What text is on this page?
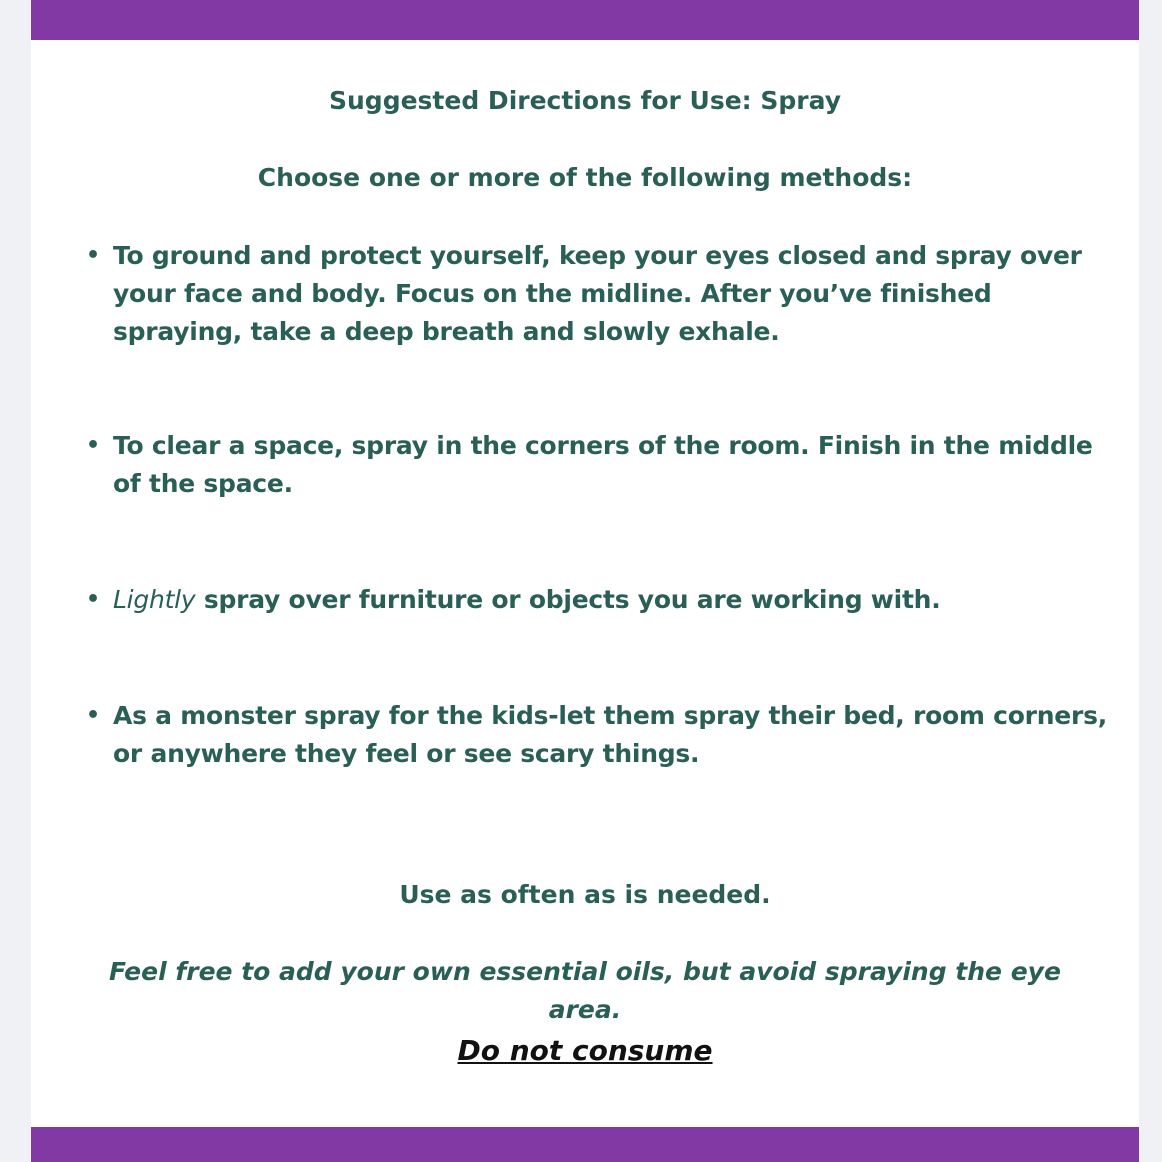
Suggested Directions for Use: Spray

Choose one or more of the following methods:

• To ground and protect yourself, keep your eyes closed and spray over your face and body. Focus on the midline. After you’ve finished spraying, take a deep breath and slowly exhale.
• To clear a space, spray in the corners of the room. Finish in the middle of the space.
• Lightly spray over furniture or objects you are working with.
• As a monster spray for the kids-let them spray their bed, room corners, or anywhere they feel or see scary things.

Use as often as is needed.

Feel free to add your own essential oils, but avoid spraying the eye area.

Do not consume
